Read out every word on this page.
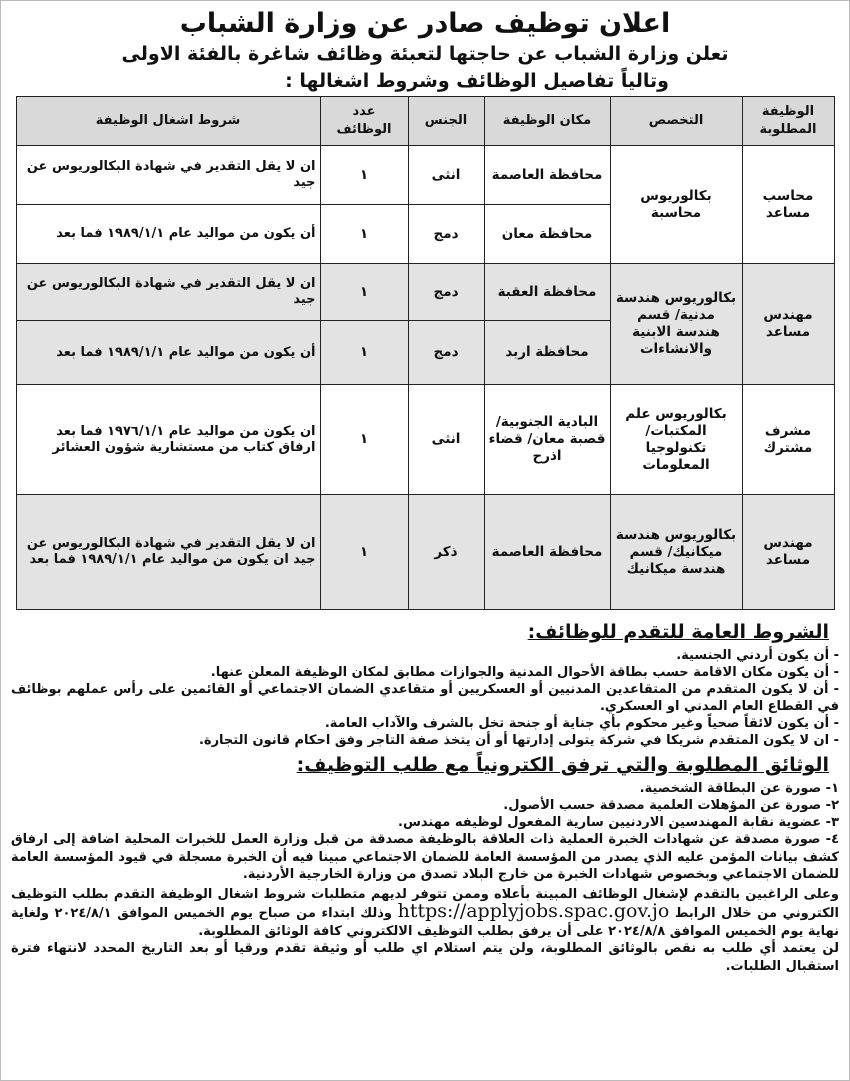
اعلان توظيف صادر عن وزارة الشباب

تعلن وزارة الشباب عن حاجتها لتعبئة وظائف شاغرة بالفئة الاولى

وتالياً تفاصيل الوظائف وشروط اشغالها :

الوظيفة المطلوبة	التخصص	مكان الوظيفة	الجنس	عدد الوظائف	شروط اشغال الوظيفة
محاسب مساعد	بكالوريوس محاسبة	محافظة العاصمة	انثى	١	ان لا يقل التقدير في شهادة البكالوريوس عن جيد
		محافظة معان	دمج	١	أن يكون من مواليد عام ١٩٨٩/١/١ فما بعد
مهندس مساعد	بكالوريوس هندسة مدنية/ قسم هندسة الابنية والانشاءات	محافظة العقبة	دمج	١	ان لا يقل التقدير في شهادة البكالوريوس عن جيد
		محافظة اربد	دمج	١	أن يكون من مواليد عام ١٩٨٩/١/١ فما بعد
مشرف مشترك	بكالوريوس علم المكتبات/ تكنولوجيا المعلومات	البادية الجنوبية/ قصبة معان/ قضاء اذرح	انثى	١	ان يكون من مواليد عام ١٩٧٦/١/١ فما بعد ارفاق كتاب من مستشارية شؤون العشائر
مهندس مساعد	بكالوريوس هندسة ميكانيك/ قسم هندسة ميكانيك	محافظة العاصمة	ذكر	١	ان لا يقل التقدير في شهادة البكالوريوس عن جيد ان يكون من مواليد عام ١٩٨٩/١/١ فما بعد
الشروط العامة للتقدم للوظائف:

- أن يكون أردني الجنسية.

- أن يكون مكان الاقامة حسب بطاقة الأحوال المدنية والجوازات مطابق لمكان الوظيفة المعلن عنها.

- أن لا يكون المتقدم من المتقاعدين المدنيين أو العسكريين أو متقاعدي الضمان الاجتماعي أو القائمين على رأس عملهم بوظائف في القطاع العام المدني او العسكري.

- أن يكون لائقاً صحياً وغير محكوم بأي جناية أو جنحة تخل بالشرف والآداب العامة.

- ان لا يكون المتقدم شريكا في شركة يتولى إدارتها أو أن يتخذ صفة التاجر وفق احكام قانون التجارة.

الوثائق المطلوبة والتي ترفق الكترونياً مع طلب التوظيف:

١- صورة عن البطاقة الشخصية.

٢- صورة عن المؤهلات العلمية مصدقة حسب الأصول.

٣- عضوية نقابة المهندسين الاردنيين سارية المفعول لوظيفه مهندس.

٤- صورة مصدقة عن شهادات الخبرة العملية ذات العلاقة بالوظيفة مصدقة من قبل وزارة العمل للخبرات المحلية اضافة إلى ارفاق كشف بيانات المؤمن عليه الذي يصدر من المؤسسة العامة للضمان الاجتماعي مبينا فيه أن الخبرة مسجلة في قيود المؤسسة العامة للضمان الاجتماعي وبخصوص شهادات الخبرة من خارج البلاد تصدق من وزارة الخارجية الأردنية.

وعلى الراغبين بالتقدم لإشغال الوظائف المبينة بأعلاه وممن تتوفر لديهم متطلبات شروط اشغال الوظيفة التقدم بطلب التوظيف الكتروني من خلال الرابط https://applyjobs.spac.gov.jo وذلك ابتداء من صباح يوم الخميس الموافق ٢٠٢٤/٨/١ ولغاية نهاية يوم الخميس الموافق ٢٠٢٤/٨/٨ على أن يرفق بطلب التوظيف الالكتروني كافة الوثائق المطلوبة.

لن يعتمد أي طلب به نقص بالوثائق المطلوبة، ولن يتم استلام اي طلب أو وثيقة تقدم ورقيا أو بعد التاريخ المحدد لانتهاء فترة استقبال الطلبات.
